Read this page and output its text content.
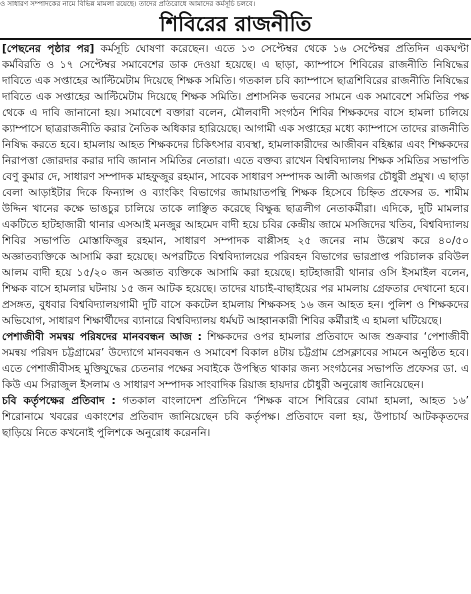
ও সাধারণ সম্পাদকের নামে বিভিন্ন মামলা রয়েছে। তাদের প্রতিরোধে আমাদের কর্মসূচি চলবে।
শিবিরের রাজনীতি

[পেছনের পৃষ্ঠার পর] কর্মসূচি ঘোষণা করেছেন। এতে ১৩ সেপ্টেম্বর থেকে ১৬ সেপ্টেম্বর প্রতিদিন একঘণ্টা কর্মবিরতি ও ১৭ সেপ্টেম্বর সমাবেশের ডাক দেওয়া হয়েছে। এ ছাড়া, ক্যাম্পাসে শিবিরের রাজনীতি নিষিদ্ধের দাবিতে এক সপ্তাহের আল্টিমেটাম দিয়েছে শিক্ষক সমিতি। গতকাল চবি ক্যাম্পাসে ছাত্রশিবিরের রাজনীতি নিষিদ্ধের দাবিতে এক সপ্তাহের আল্টিমেটাম দিয়েছে শিক্ষক সমিতি। প্রশাসনিক ভবনের সামনে এক সমাবেশে সমিতির পক্ষ থেকে এ দাবি জানানো হয়। সমাবেশে বক্তারা বলেন, মৌলবাদী সংগঠন শিবির শিক্ষকদের বাসে হামলা চালিয়ে ক্যাম্পাসে ছাত্ররাজনীতি করার নৈতিক অধিকার হারিয়েছে। আগামী এক সপ্তাহের মধ্যে ক্যাম্পাসে তাদের রাজনীতি নিষিদ্ধ করতে হবে। হামলায় আহত শিক্ষকদের চিকিৎসার ব্যবস্থা, হামলাকারীদের আজীবন বহিষ্কার এবং শিক্ষকদের নিরাপত্তা জোরদার করার দাবি জানান সমিতির নেতারা। এতে বক্তব্য রাখেন বিশ্ববিদ্যালয় শিক্ষক সমিতির সভাপতি বেণু কুমার দে, সাধারণ সম্পাদক মাহফুজুর রহমান, সাবেক সাধারণ সম্পাদক আলী আজগর চৌধুরী প্রমুখ। এ ছাড়া বেলা আড়াইটার দিকে ফিন্যান্স ও ব্যাংকিং বিভাগের জামায়াতপন্থি শিক্ষক হিসেবে চিহ্নিত প্রফেসর ড. শামীম উদ্দিন খানের কক্ষে ভাঙচুর চালিয়ে তাকে লাঞ্ছিত করেছে বিক্ষুব্ধ ছাত্রলীগ নেতাকর্মীরা। এদিকে, দুটি মামলার একটিতে হাটহাজারী থানার এসআই মনজুর আহমেদ বাদী হয়ে চবির কেন্দ্রীয় জামে মসজিদের খতিব, বিশ্ববিদ্যালয় শিবির সভাপতি মোস্তাফিজুর রহমান, সাধারণ সম্পাদক বাপ্পীসহ ২৫ জনের নাম উল্লেখ করে ৪০/৫০ অজ্ঞাতব্যক্তিকে আসামি করা হয়েছে। অপরটিতে বিশ্ববিদ্যালয়ের পরিবহন বিভাগের ভারপ্রাপ্ত পরিচালক রবিউল আলম বাদী হয়ে ১৫/২০ জন অজ্ঞাত ব্যক্তিকে আসামি করা হয়েছে। হাটহাজারী থানার ওসি ইসমাইল বলেন, শিক্ষক বাসে হামলার ঘটনায় ১৫ জন আটক হয়েছে। তাদের যাচাই-বাছাইয়ের পর মামলায় গ্রেফতার দেখানো হবে। প্রসঙ্গত, বুধবার বিশ্ববিদ্যালয়গামী দুটি বাসে ককটেল হামলায় শিক্ষকসহ ১৬ জন আহত হন। পুলিশ ও শিক্ষকদের অভিযোগ, সাধারণ শিক্ষার্থীদের ব্যানারে বিশ্ববিদ্যালয় ধর্মঘট আহ্বানকারী শিবির কর্মীরাই এ হামলা ঘটিয়েছে।

পেশাজীবী সমন্বয় পরিষদের মানববন্ধন আজ : শিক্ষকদের ওপর হামলার প্রতিবাদে আজ শুক্রবার ‘পেশাজীবী সমন্বয় পরিষদ চট্টগ্রামের’ উদ্যোগে মানববন্ধন ও সমাবেশ বিকাল ৪টায় চট্টগ্রাম প্রেসক্লাবের সামনে অনুষ্ঠিত হবে। এতে পেশাজীবীসহ মুক্তিযুদ্ধের চেতনার পক্ষের সবাইকে উপস্থিত থাকার জন্য সংগঠনের সভাপতি প্রফেসর ডা. এ কিউ এম সিরাজুল ইসলাম ও সাধারণ সম্পাদক সাংবাদিক রিয়াজ হায়দার চৌধুরী অনুরোধ জানিয়েছেন।

চবি কর্তৃপক্ষের প্রতিবাদ : গতকাল বাংলাদেশ প্রতিদিনে ‘শিক্ষক বাসে শিবিরের বোমা হামলা, আহত ১৬’ শিরোনামে খবরের একাংশের প্রতিবাদ জানিয়েছেন চবি কর্তৃপক্ষ। প্রতিবাদে বলা হয়, উপাচার্য আটককৃতদের ছাড়িয়ে নিতে কখনোই পুলিশকে অনুরোধ করেননি।
